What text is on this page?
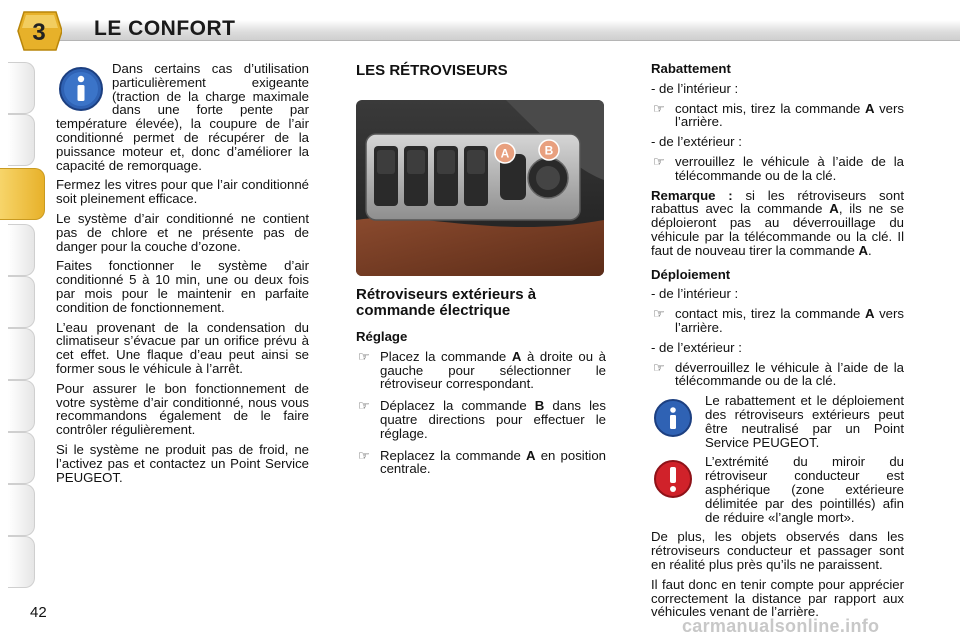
3 LE CONFORT

Dans certains cas d’utilisation particulièrement exigeante (traction de la charge maximale dans une forte pente par température élevée), la coupure de l’air conditionné permet de récupérer de la puissance moteur et, donc d’améliorer la capacité de remorquage.

Fermez les vitres pour que l’air conditionné soit pleinement efficace.

Le système d’air conditionné ne contient pas de chlore et ne présente pas de danger pour la couche d’ozone.

Faites fonctionner le système d’air conditionné 5 à 10 min, une ou deux fois par mois pour le maintenir en parfaite condition de fonctionnement.

L’eau provenant de la condensation du climatiseur s’évacue par un orifice prévu à cet effet. Une flaque d’eau peut ainsi se former sous le véhicule à l’arrêt.

Pour assurer le bon fonctionnement de votre système d’air conditionné, nous vous recommandons également de le faire contrôler régulièrement.

Si le système ne produit pas de froid, ne l’activez pas et contactez un Point Service PEUGEOT.

LES RÉTROVISEURS
A	B
Rétroviseurs extérieurs à commande électrique

Réglage

☞ Placez la commande A à droite ou à gauche pour sélectionner le rétroviseur correspondant.
☞ Déplacez la commande B dans les quatre directions pour effectuer le réglage.
☞ Replacez la commande A en position centrale.

Rabattement

- de l’intérieur :

☞ contact mis, tirez la commande A vers l’arrière.

- de l’extérieur :

☞ verrouillez le véhicule à l’aide de la télécommande ou de la clé.

Remarque : si les rétroviseurs sont rabattus avec la commande A, ils ne se déploieront pas au déverrouillage du véhicule par la télécommande ou la clé. Il faut de nouveau tirer la commande A.

Déploiement

- de l’intérieur :

☞ contact mis, tirez la commande A vers l’arrière.

- de l’extérieur :

☞ déverrouillez le véhicule à l’aide de la télécommande ou de la clé.
Le rabattement et le déploiement des rétroviseurs extérieurs peut être neutralisé par un Point Service PEUGEOT.
L’extrémité du miroir du rétroviseur conducteur est asphérique (zone extérieure délimitée par des pointillés) afin de réduire «l’angle mort».

De plus, les objets observés dans les rétroviseurs conducteur et passager sont en réalité plus près qu’ils ne paraissent.

Il faut donc en tenir compte pour apprécier correctement la distance par rapport aux véhicules venant de l’arrière.

42
carmanualsonline.info
